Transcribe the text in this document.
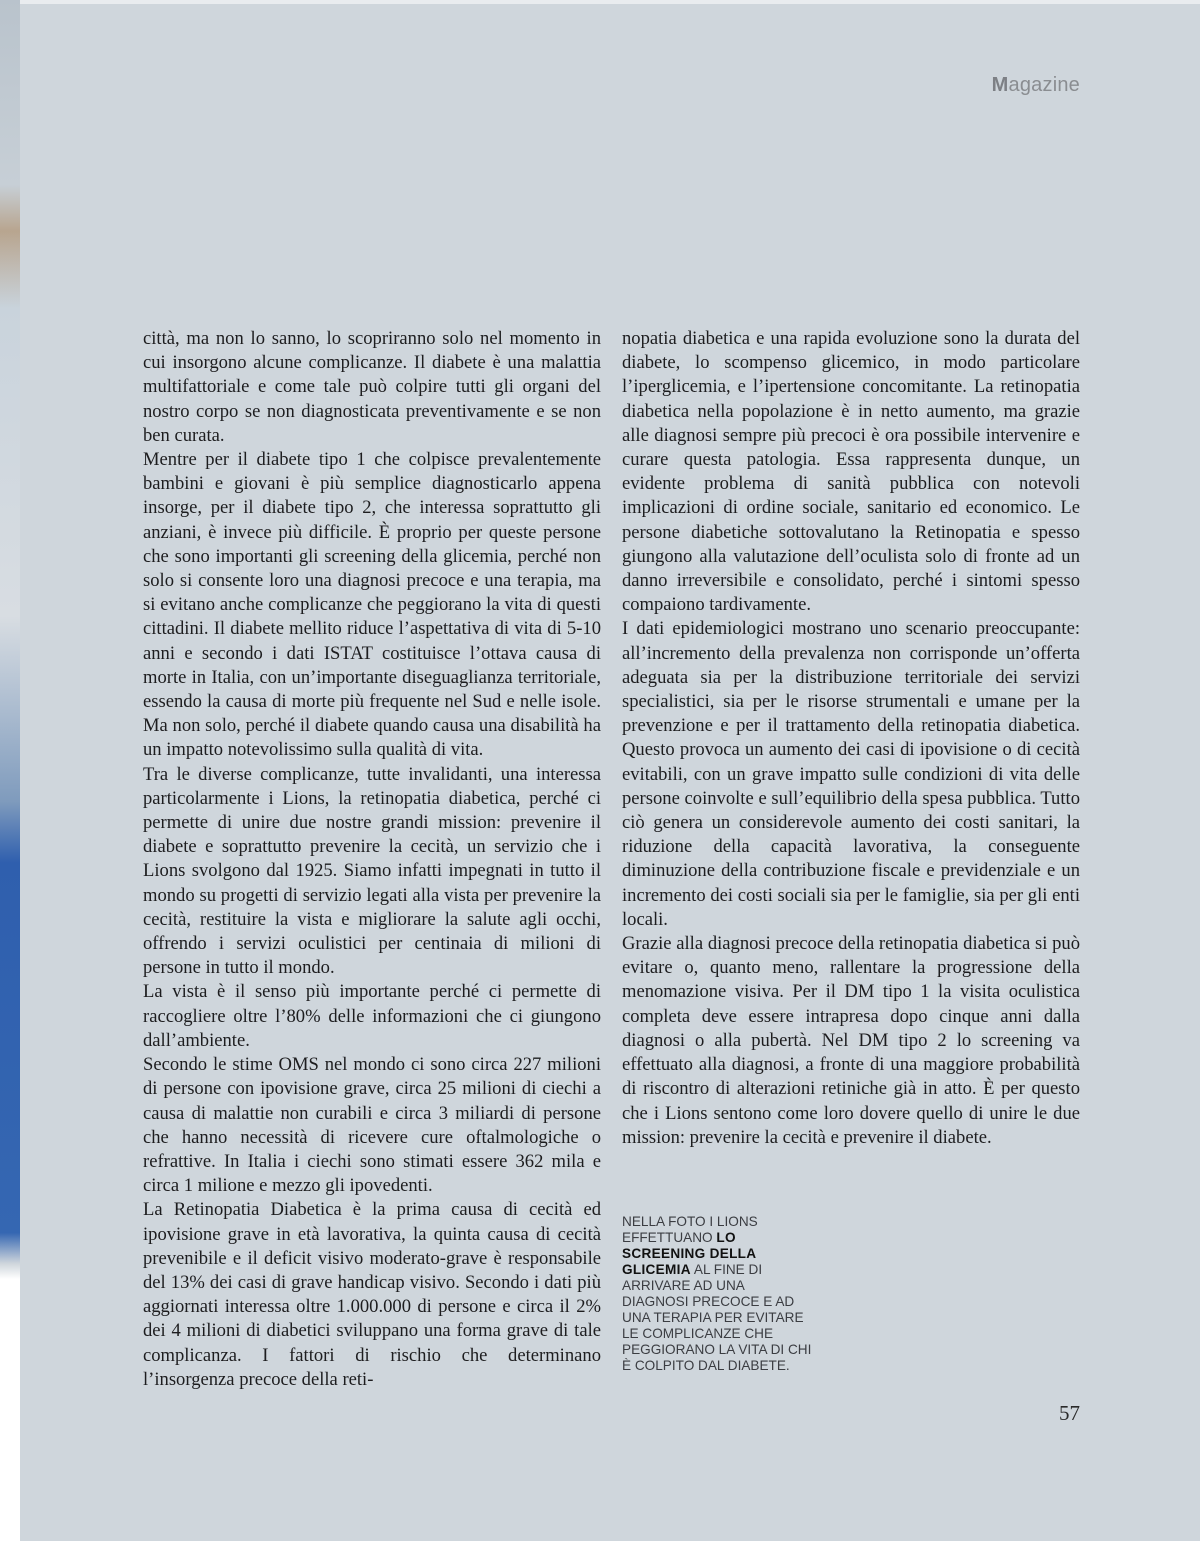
Magazine

città, ma non lo sanno, lo scopriranno solo nel momento in cui insorgono alcune complicanze. Il diabete è una malattia multifattoriale e come tale può colpire tutti gli organi del nostro corpo se non diagnosticata preventivamente e se non ben curata.

Mentre per il diabete tipo 1 che colpisce prevalentemente bambini e giovani è più semplice diagnosticarlo appena insorge, per il diabete tipo 2, che interessa soprattutto gli anziani, è invece più difficile. È proprio per queste persone che sono importanti gli screening della glicemia, perché non solo si consente loro una diagnosi precoce e una terapia, ma si evitano anche complicanze che peggiorano la vita di questi cittadini. Il diabete mellito riduce l’aspettativa di vita di 5-10 anni e secondo i dati ISTAT costituisce l’ottava causa di morte in Italia, con un’importante diseguaglianza territoriale, essendo la causa di morte più frequente nel Sud e nelle isole. Ma non solo, perché il diabete quando causa una disabilità ha un impatto notevolissimo sulla qualità di vita.

Tra le diverse complicanze, tutte invalidanti, una interessa particolarmente i Lions, la retinopatia diabetica, perché ci permette di unire due nostre grandi mission: prevenire il diabete e soprattutto prevenire la cecità, un servizio che i Lions svolgono dal 1925. Siamo infatti impegnati in tutto il mondo su progetti di servizio legati alla vista per prevenire la cecità, restituire la vista e migliorare la salute agli occhi, offrendo i servizi oculistici per centinaia di milioni di persone in tutto il mondo.

La vista è il senso più importante perché ci permette di raccogliere oltre l’80% delle informazioni che ci giungono dall’ambiente.

Secondo le stime OMS nel mondo ci sono circa 227 milioni di persone con ipovisione grave, circa 25 milioni di ciechi a causa di malattie non curabili e circa 3 miliardi di persone che hanno necessità di ricevere cure oftalmologiche o refrattive. In Italia i ciechi sono stimati essere 362 mila e circa 1 milione e mezzo gli ipovedenti.

La Retinopatia Diabetica è la prima causa di cecità ed ipovisione grave in età lavorativa, la quinta causa di cecità prevenibile e il deficit visivo moderato-grave è responsabile del 13% dei casi di grave handicap visivo. Secondo i dati più aggiornati interessa oltre 1.000.000 di persone e circa il 2% dei 4 milioni di diabetici sviluppano una forma grave di tale complicanza. I fattori di rischio che determinano l’insorgenza precoce della reti-

nopatia diabetica e una rapida evoluzione sono la durata del diabete, lo scompenso glicemico, in modo particolare l’iperglicemia, e l’ipertensione concomitante. La retinopatia diabetica nella popolazione è in netto aumento, ma grazie alle diagnosi sempre più precoci è ora possibile intervenire e curare questa patologia. Essa rappresenta dunque, un evidente problema di sanità pubblica con notevoli implicazioni di ordine sociale, sanitario ed economico. Le persone diabetiche sottovalutano la Retinopatia e spesso giungono alla valutazione dell’oculista solo di fronte ad un danno irreversibile e consolidato, perché i sintomi spesso compaiono tardivamente.

I dati epidemiologici mostrano uno scenario preoccupante: all’incremento della prevalenza non corrisponde un’offerta adeguata sia per la distribuzione territoriale dei servizi specialistici, sia per le risorse strumentali e umane per la prevenzione e per il trattamento della retinopatia diabetica. Questo provoca un aumento dei casi di ipovisione o di cecità evitabili, con un grave impatto sulle condizioni di vita delle persone coinvolte e sull’equilibrio della spesa pubblica. Tutto ciò genera un considerevole aumento dei costi sanitari, la riduzione della capacità lavorativa, la conseguente diminuzione della contribuzione fiscale e previdenziale e un incremento dei costi sociali sia per le famiglie, sia per gli enti locali.

Grazie alla diagnosi precoce della retinopatia diabetica si può evitare o, quanto meno, rallentare la progressione della menomazione visiva. Per il DM tipo 1 la visita oculistica completa deve essere intrapresa dopo cinque anni dalla diagnosi o alla pubertà. Nel DM tipo 2 lo screening va effettuato alla diagnosi, a fronte di una maggiore probabilità di riscontro di alterazioni retiniche già in atto. È per questo che i Lions sentono come loro dovere quello di unire le due mission: prevenire la cecità e prevenire il diabete.

NELLA FOTO I LIONS EFFETTUANO LO SCREENING DELLA GLICEMIA AL FINE DI ARRIVARE AD UNA DIAGNOSI PRECOCE E AD UNA TERAPIA PER EVITARE LE COMPLICANZE CHE PEGGIORANO LA VITA DI CHI È COLPITO DAL DIABETE.
57
